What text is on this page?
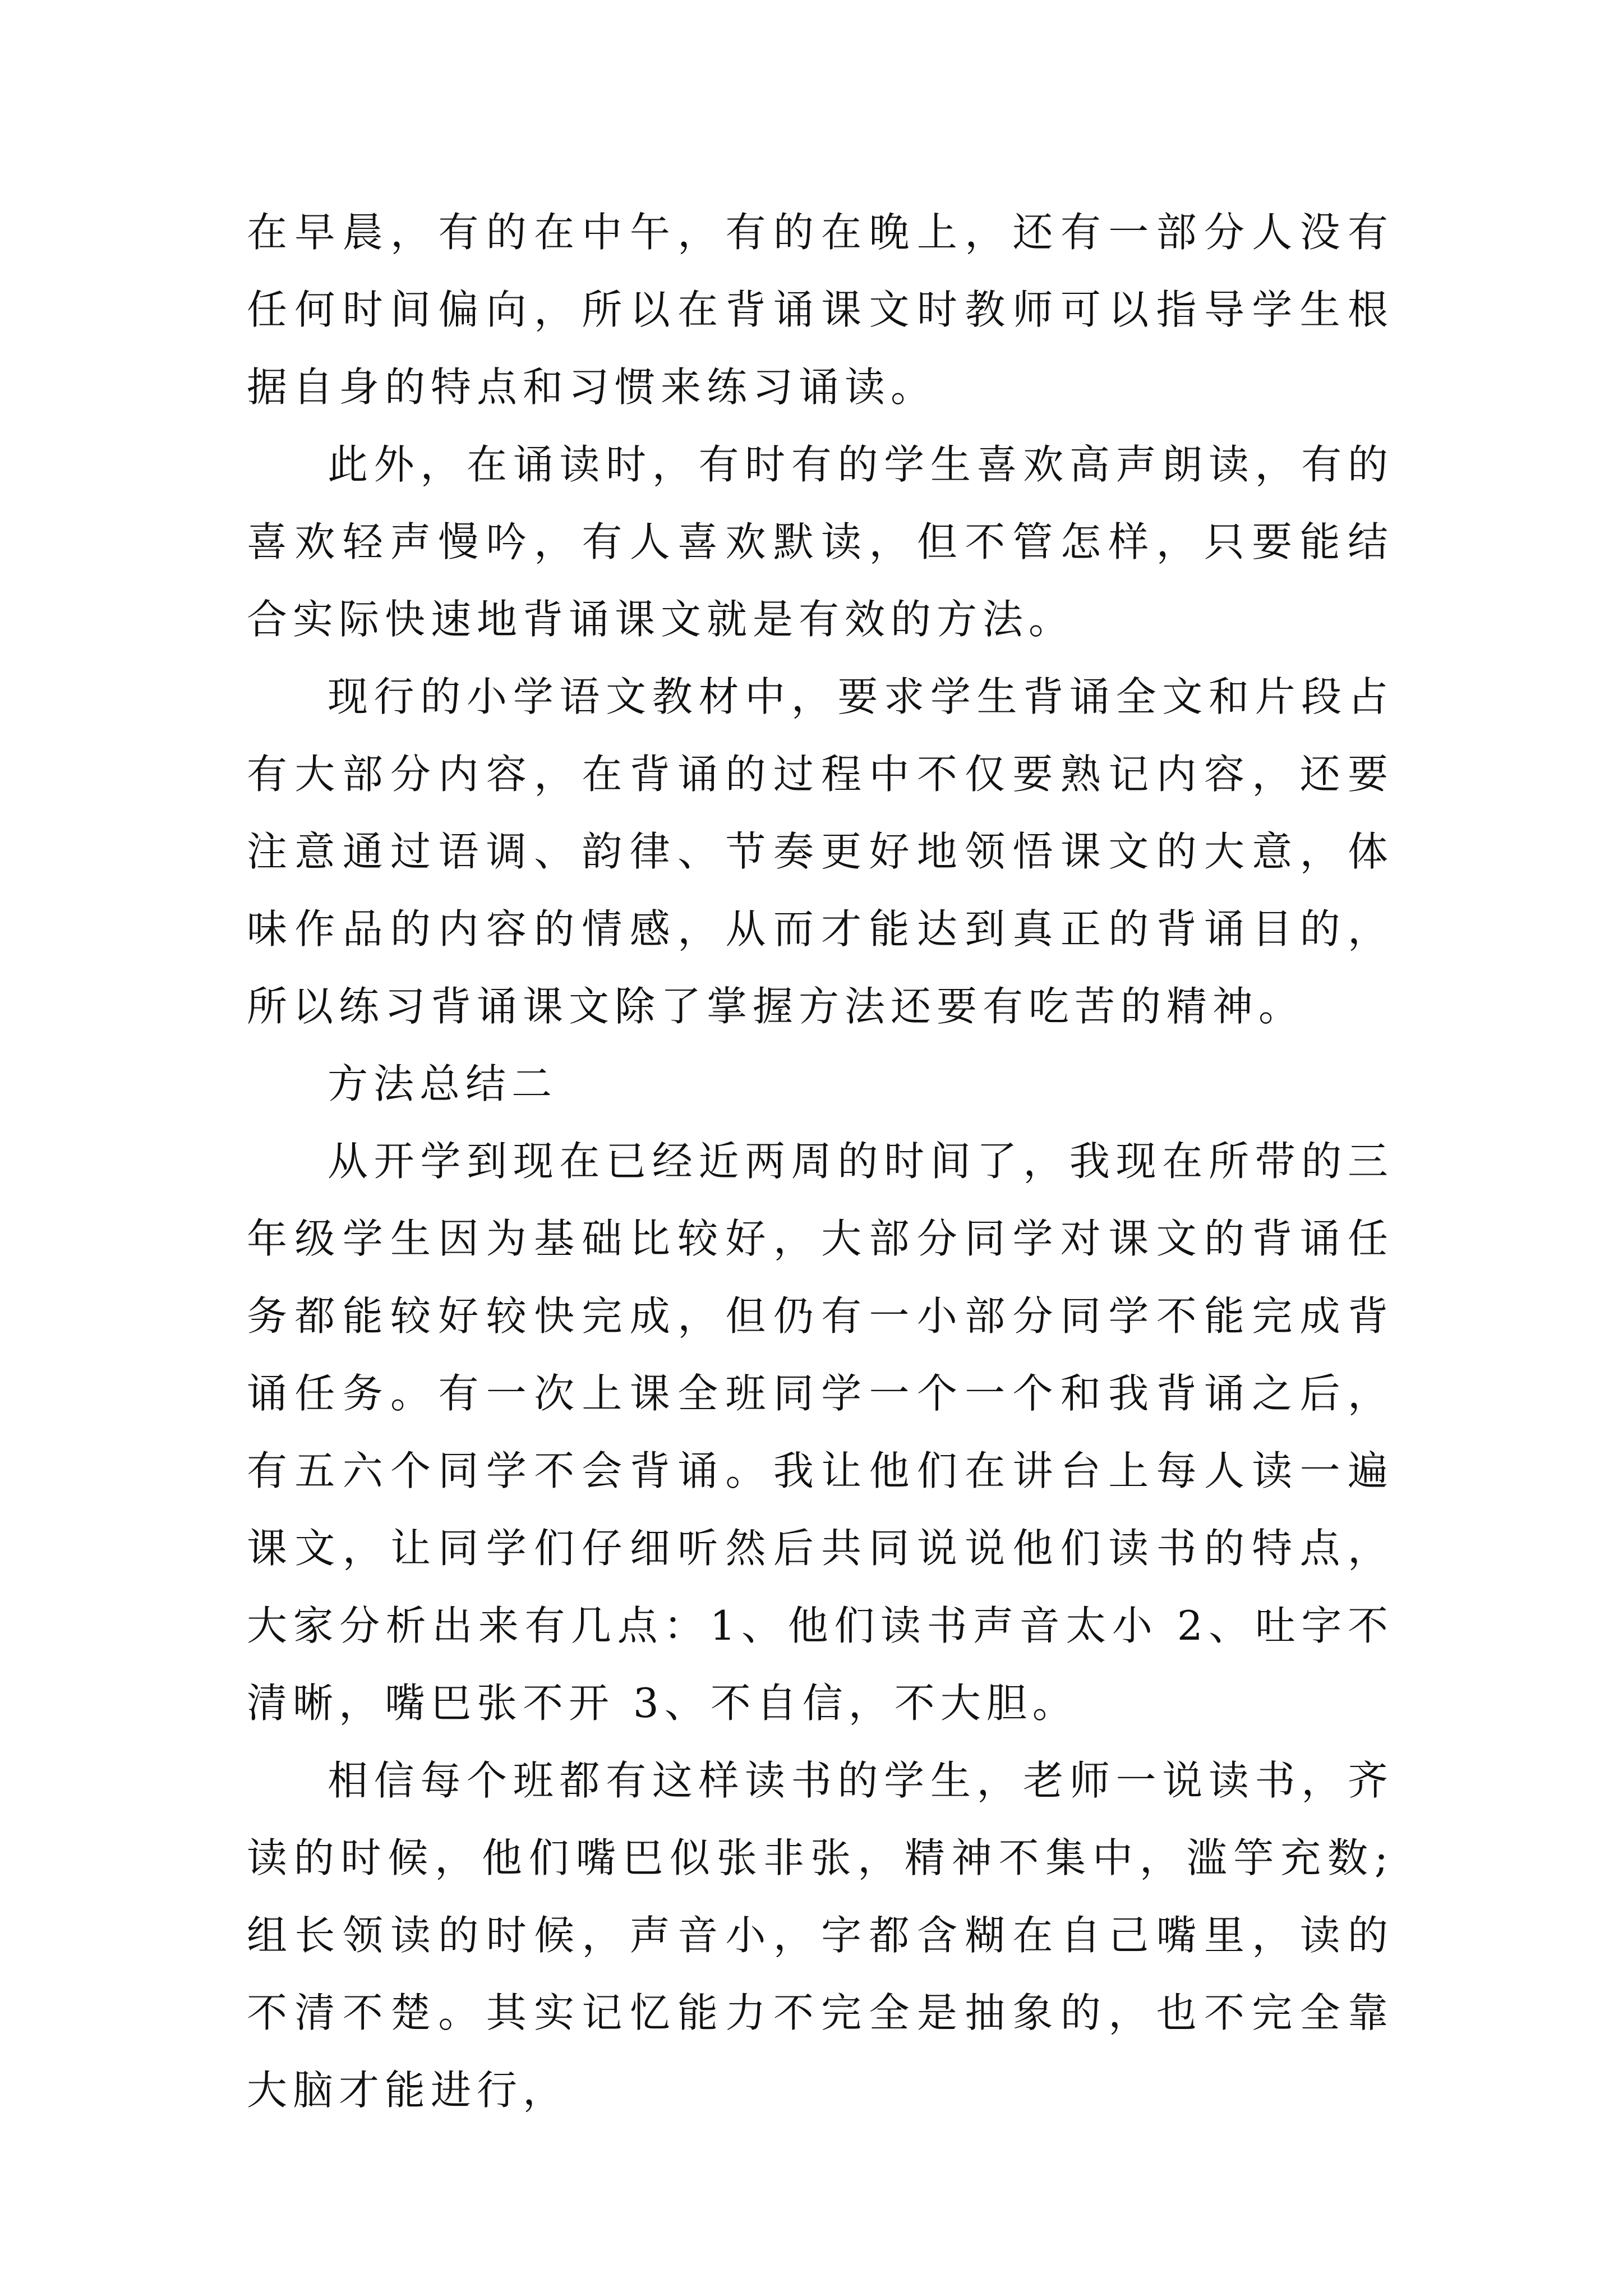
在早晨，有的在中午，有的在晚上，还有一部分人没有任何时间偏向，所以在背诵课文时教师可以指导学生根据自身的特点和习惯来练习诵读。

此外，在诵读时，有时有的学生喜欢高声朗读，有的喜欢轻声慢吟，有人喜欢默读，但不管怎样，只要能结合实际快速地背诵课文就是有效的方法。

现行的小学语文教材中，要求学生背诵全文和片段占有大部分内容，在背诵的过程中不仅要熟记内容，还要注意通过语调、韵律、节奏更好地领悟课文的大意，体味作品的内容的情感，从而才能达到真正的背诵目的，所以练习背诵课文除了掌握方法还要有吃苦的精神。

方法总结二

从开学到现在已经近两周的时间了，我现在所带的三年级学生因为基础比较好，大部分同学对课文的背诵任务都能较好较快完成，但仍有一小部分同学不能完成背诵任务。有一次上课全班同学一个一个和我背诵之后，有五六个同学不会背诵。我让他们在讲台上每人读一遍课文，让同学们仔细听然后共同说说他们读书的特点，大家分析出来有几点：1、他们读书声音太小 2、吐字不清晰，嘴巴张不开 3、不自信，不大胆。

相信每个班都有这样读书的学生，老师一说读书，齐读的时候，他们嘴巴似张非张，精神不集中，滥竽充数;组长领读的时候，声音小，字都含糊在自己嘴里，读的不清不楚。其实记忆能力不完全是抽象的，也不完全靠大脑才能进行，
